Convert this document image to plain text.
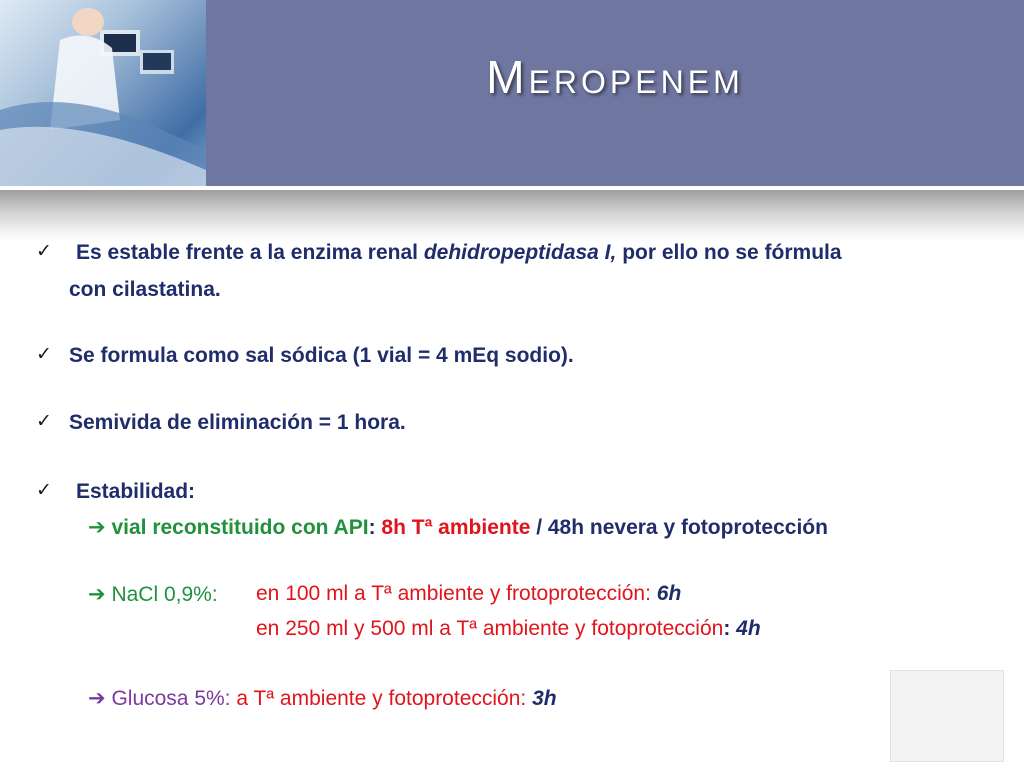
Meropenem
✓ Es estable frente a la enzima renal dehidropeptidasa I, por ello no se fórmula
con cilastatina.
✓ Se formula como sal sódica (1 vial = 4 mEq sodio).
✓ Semivida de eliminación = 1 hora.
✓ Estabilidad:
➔ vial reconstituido con API: 8h Tª ambiente / 48h nevera y fotoprotección
➔ NaCl 0,9%: en 100 ml a Tª ambiente y frotoprotección: 6h
en 250 ml y 500 ml a Tª ambiente y fotoprotección: 4h
➔ Glucosa 5%: a Tª ambiente y fotoprotección: 3h
